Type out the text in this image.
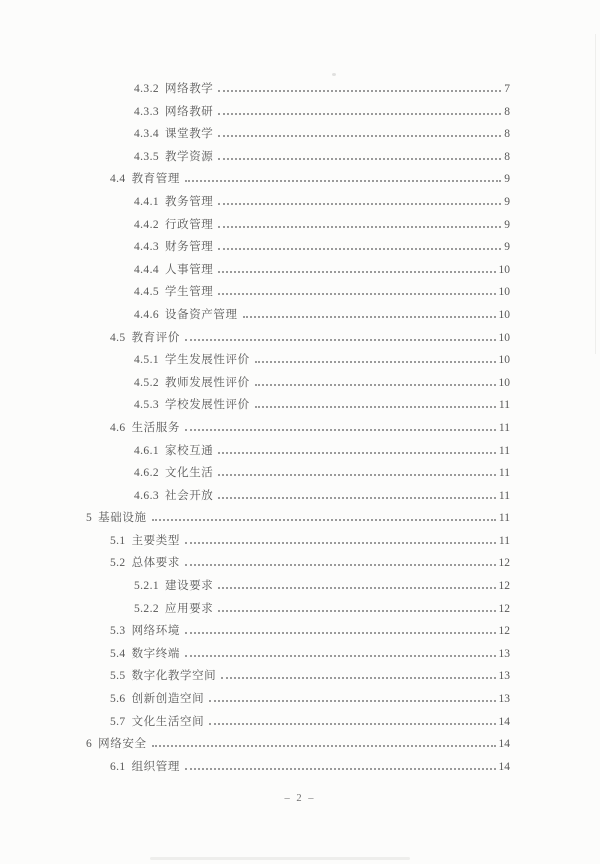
4.3.2 网络教学	7
4.3.3 网络教研	8
4.3.4 课堂教学	8
4.3.5 教学资源	8
4.4 教育管理	9
4.4.1 教务管理	9
4.4.2 行政管理	9
4.4.3 财务管理	9
4.4.4 人事管理	10
4.4.5 学生管理	10
4.4.6 设备资产管理	10
4.5 教育评价	10
4.5.1 学生发展性评价	10
4.5.2 教师发展性评价	10
4.5.3 学校发展性评价	11
4.6 生活服务	11
4.6.1 家校互通	11
4.6.2 文化生活	11
4.6.3 社会开放	11
5 基础设施	11
5.1 主要类型	11
5.2 总体要求	12
5.2.1 建设要求	12
5.2.2 应用要求	12
5.3 网络环境	12
5.4 数字终端	13
5.5 数字化教学空间	13
5.6 创新创造空间	13
5.7 文化生活空间	14
6 网络安全	14
6.1 组织管理	14
– 2 –
